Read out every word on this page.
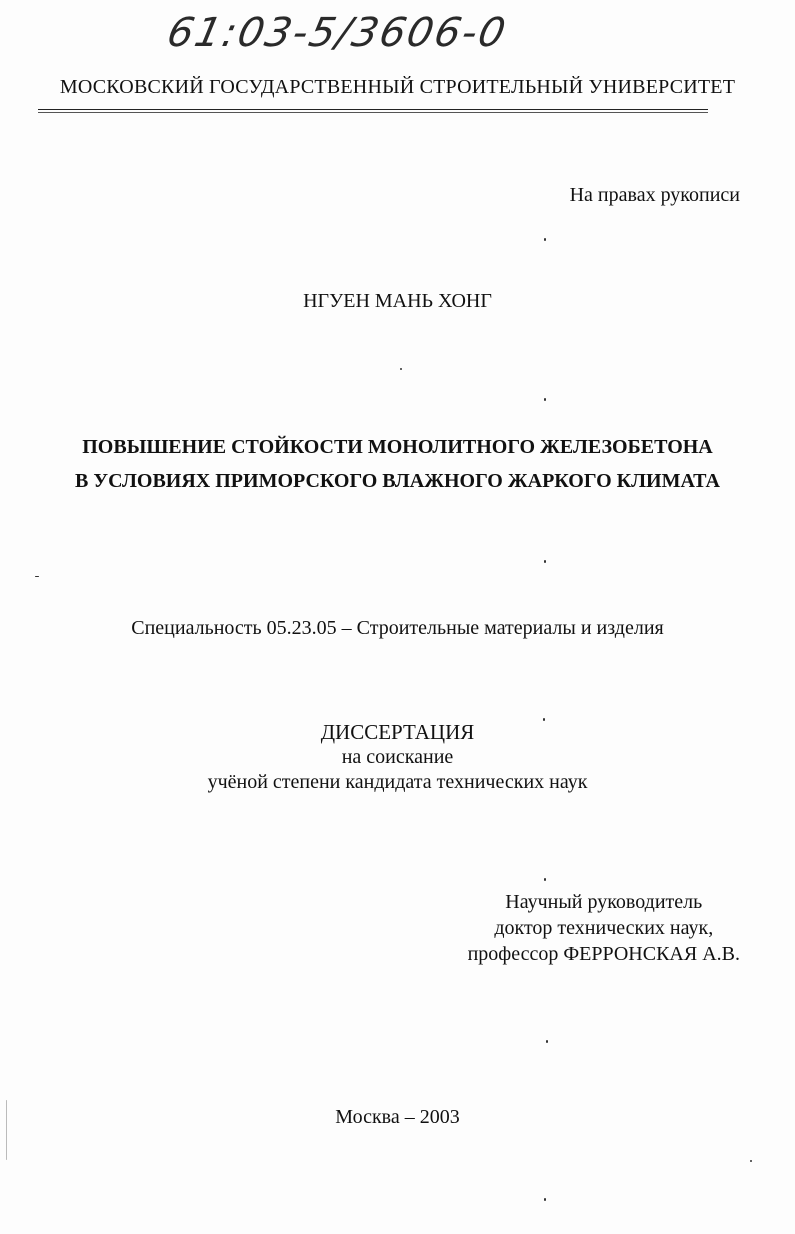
61:03-5/3606-0
МОСКОВСКИЙ ГОСУДАРСТВЕННЫЙ СТРОИТЕЛЬНЫЙ УНИВЕРСИТЕТ
На правах рукописи
НГУЕН МАНЬ ХОНГ
ПОВЫШЕНИЕ СТОЙКОСТИ МОНОЛИТНОГО ЖЕЛЕЗОБЕТОНА
В УСЛОВИЯХ ПРИМОРСКОГО ВЛАЖНОГО ЖАРКОГО КЛИМАТА
Специальность 05.23.05 – Строительные материалы и изделия
ДИССЕРТАЦИЯ
на соискание
учёной степени кандидата технических наук
Научный руководитель
доктор технических наук,
профессор ФЕРРОНСКАЯ А.В.
Москва – 2003
